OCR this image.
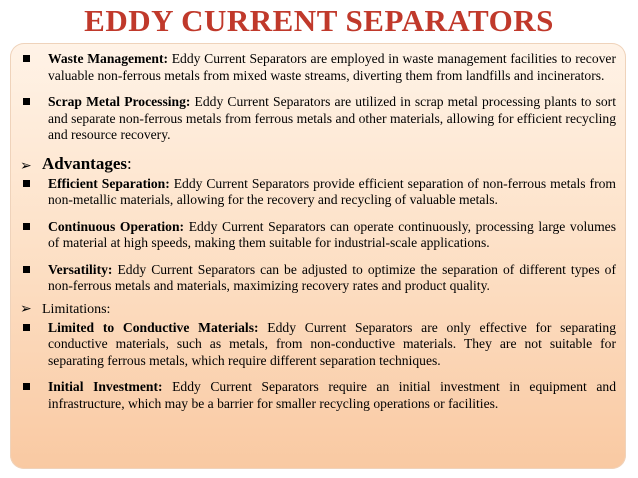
EDDY CURRENT SEPARATORS
Waste Management: Eddy Current Separators are employed in waste management facilities to recover valuable non-ferrous metals from mixed waste streams, diverting them from landfills and incinerators.
Scrap Metal Processing: Eddy Current Separators are utilized in scrap metal processing plants to sort and separate non-ferrous metals from ferrous metals and other materials, allowing for efficient recycling and resource recovery.
➢ Advantages:
Efficient Separation: Eddy Current Separators provide efficient separation of non-ferrous metals from non-metallic materials, allowing for the recovery and recycling of valuable metals.
Continuous Operation: Eddy Current Separators can operate continuously, processing large volumes of material at high speeds, making them suitable for industrial-scale applications.
Versatility: Eddy Current Separators can be adjusted to optimize the separation of different types of non-ferrous metals and materials, maximizing recovery rates and product quality.
➢ Limitations:
Limited to Conductive Materials: Eddy Current Separators are only effective for separating conductive materials, such as metals, from non-conductive materials. They are not suitable for separating ferrous metals, which require different separation techniques.
Initial Investment: Eddy Current Separators require an initial investment in equipment and infrastructure, which may be a barrier for smaller recycling operations or facilities.
